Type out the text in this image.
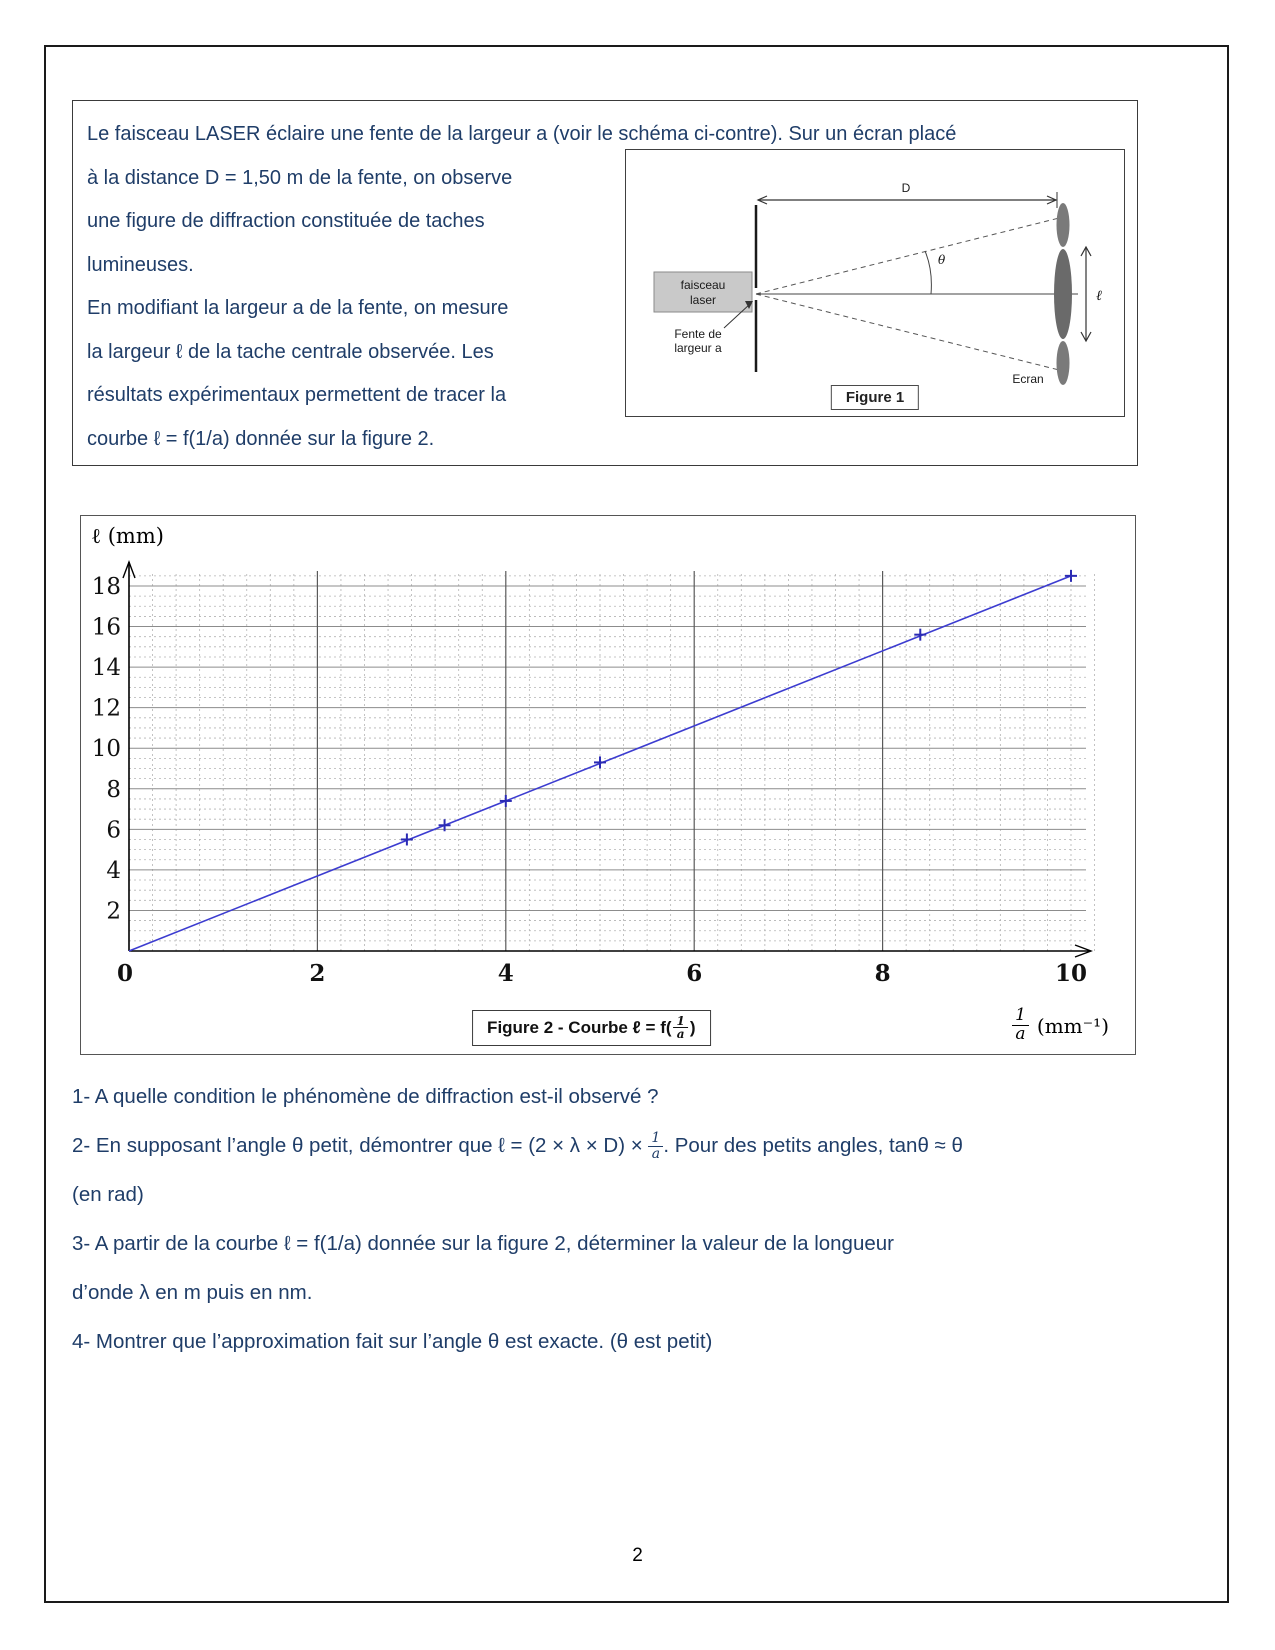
Le faisceau LASER éclaire une fente de la largeur a (voir le schéma ci-contre). Sur un écran placé
à la distance D = 1,50 m de la fente, on observe
une figure de diffraction constituée de taches
lumineuses.
En modifiant la largeur a de la fente, on mesure
la largeur ℓ de la tache centrale observée. Les
résultats expérimentaux permettent de tracer la
courbe ℓ = f(1/a) donnée sur la figure 2.
D
faisceau
laser
θ
ℓ
Fente de
largeur a
Ecran
Figure 1
ℓ (mm)
2
4
6
8
10
12
14
16
18
0	2	4	6	8	10
$\frac{1}{a} (mm^{-1})$
Figure 2 - Courbe ℓ = $f( \frac{1}{a}$ )
1- A quelle condition le phénomène de diffraction est-il observé ?
2- En supposant l’angle θ petit, démontrer que ℓ = $(2 \times \lambda \times D) \times \frac{1}{a}$ . Pour des petits angles, tanθ ≈ θ
(en rad)
3- A partir de la courbe ℓ = f(1/a) donnée sur la figure 2, déterminer la valeur de la longueur
d’onde λ en m puis en nm.
4- Montrer que l’approximation fait sur l’angle θ est exacte. (θ est petit)
2
